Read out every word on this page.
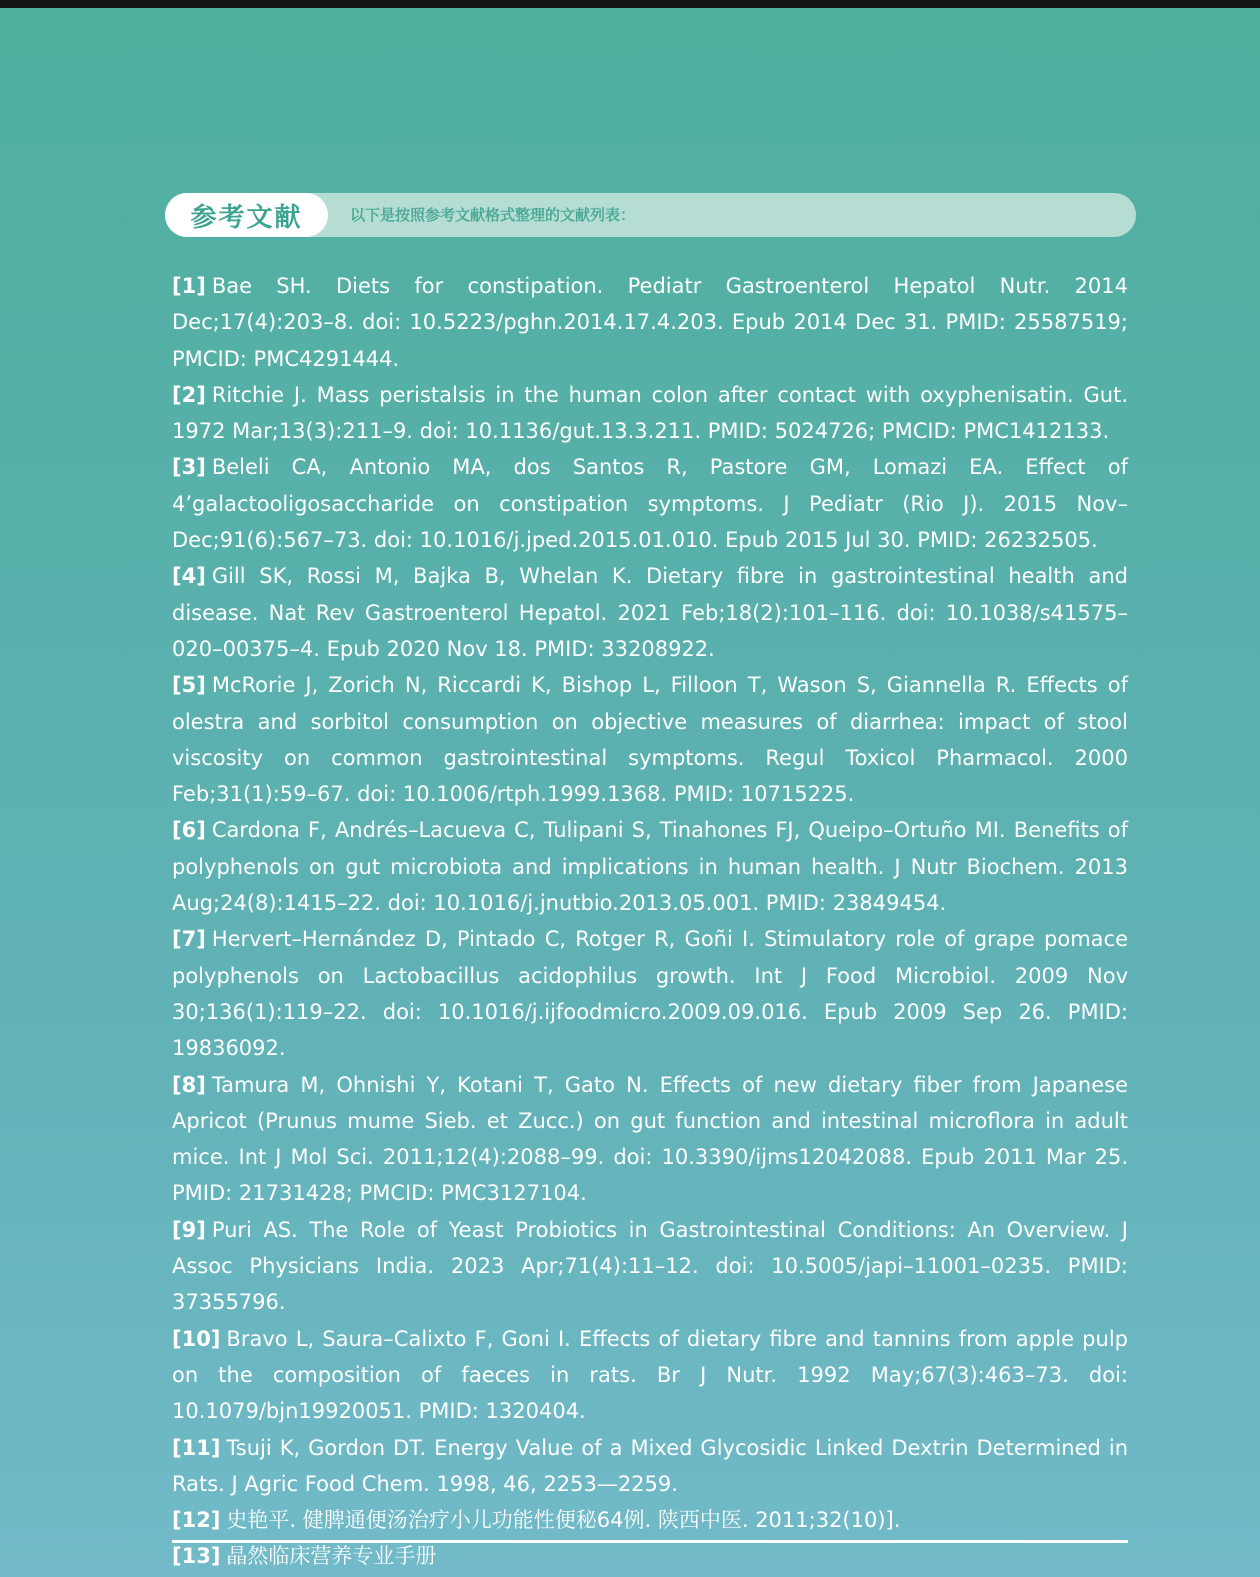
参考文献	以下是按照参考文献格式整理的文献列表：

[1] Bae SH. Diets for constipation. Pediatr Gastroenterol Hepatol Nutr. 2014 Dec;17(4):203–8. doi: 10.5223/pghn.2014.17.4.203. Epub 2014 Dec 31. PMID: 25587519; PMCID: PMC4291444.

[2] Ritchie J. Mass peristalsis in the human colon after contact with oxyphenisatin. Gut. 1972 Mar;13(3):211–9. doi: 10.1136/gut.13.3.211. PMID: 5024726; PMCID: PMC1412133.

[3] Beleli CA, Antonio MA, dos Santos R, Pastore GM, Lomazi EA. Effect of 4’galactooligosaccharide on constipation symptoms. J Pediatr (Rio J). 2015 Nov–Dec;91(6):567–73. doi: 10.1016/j.jped.2015.01.010. Epub 2015 Jul 30. PMID: 26232505.

[4] Gill SK, Rossi M, Bajka B, Whelan K. Dietary fibre in gastrointestinal health and disease. Nat Rev Gastroenterol Hepatol. 2021 Feb;18(2):101–116. doi: 10.1038/s41575–020–00375–4. Epub 2020 Nov 18. PMID: 33208922.

[5] McRorie J, Zorich N, Riccardi K, Bishop L, Filloon T, Wason S, Giannella R. Effects of olestra and sorbitol consumption on objective measures of diarrhea: impact of stool viscosity on common gastrointestinal symptoms. Regul Toxicol Pharmacol. 2000 Feb;31(1):59–67. doi: 10.1006/rtph.1999.1368. PMID: 10715225.

[6] Cardona F, Andrés–Lacueva C, Tulipani S, Tinahones FJ, Queipo–Ortuño MI. Benefits of polyphenols on gut microbiota and implications in human health. J Nutr Biochem. 2013 Aug;24(8):1415–22. doi: 10.1016/j.jnutbio.2013.05.001. PMID: 23849454.

[7] Hervert–Hernández D, Pintado C, Rotger R, Goñi I. Stimulatory role of grape pomace polyphenols on Lactobacillus acidophilus growth. Int J Food Microbiol. 2009 Nov 30;136(1):119–22. doi: 10.1016/j.ijfoodmicro.2009.09.016. Epub 2009 Sep 26. PMID: 19836092.

[8] Tamura M, Ohnishi Y, Kotani T, Gato N. Effects of new dietary fiber from Japanese Apricot (Prunus mume Sieb. et Zucc.) on gut function and intestinal microflora in adult mice. Int J Mol Sci. 2011;12(4):2088–99. doi: 10.3390/ijms12042088. Epub 2011 Mar 25. PMID: 21731428; PMCID: PMC3127104.

[9] Puri AS. The Role of Yeast Probiotics in Gastrointestinal Conditions: An Overview. J Assoc Physicians India. 2023 Apr;71(4):11–12. doi: 10.5005/japi–11001–0235. PMID: 37355796.

[10] Bravo L, Saura–Calixto F, Goni I. Effects of dietary fibre and tannins from apple pulp on the composition of faeces in rats. Br J Nutr. 1992 May;67(3):463–73. doi: 10.1079/bjn19920051. PMID: 1320404.

[11] Tsuji K, Gordon DT. Energy Value of a Mixed Glycosidic Linked Dextrin Determined in Rats. J Agric Food Chem. 1998, 46, 2253—2259.

[12] 史艳平. 健脾通便汤治疗小儿功能性便秘64例. 陕西中医. 2011;32(10)].

[13] 晶然临床营养专业手册
